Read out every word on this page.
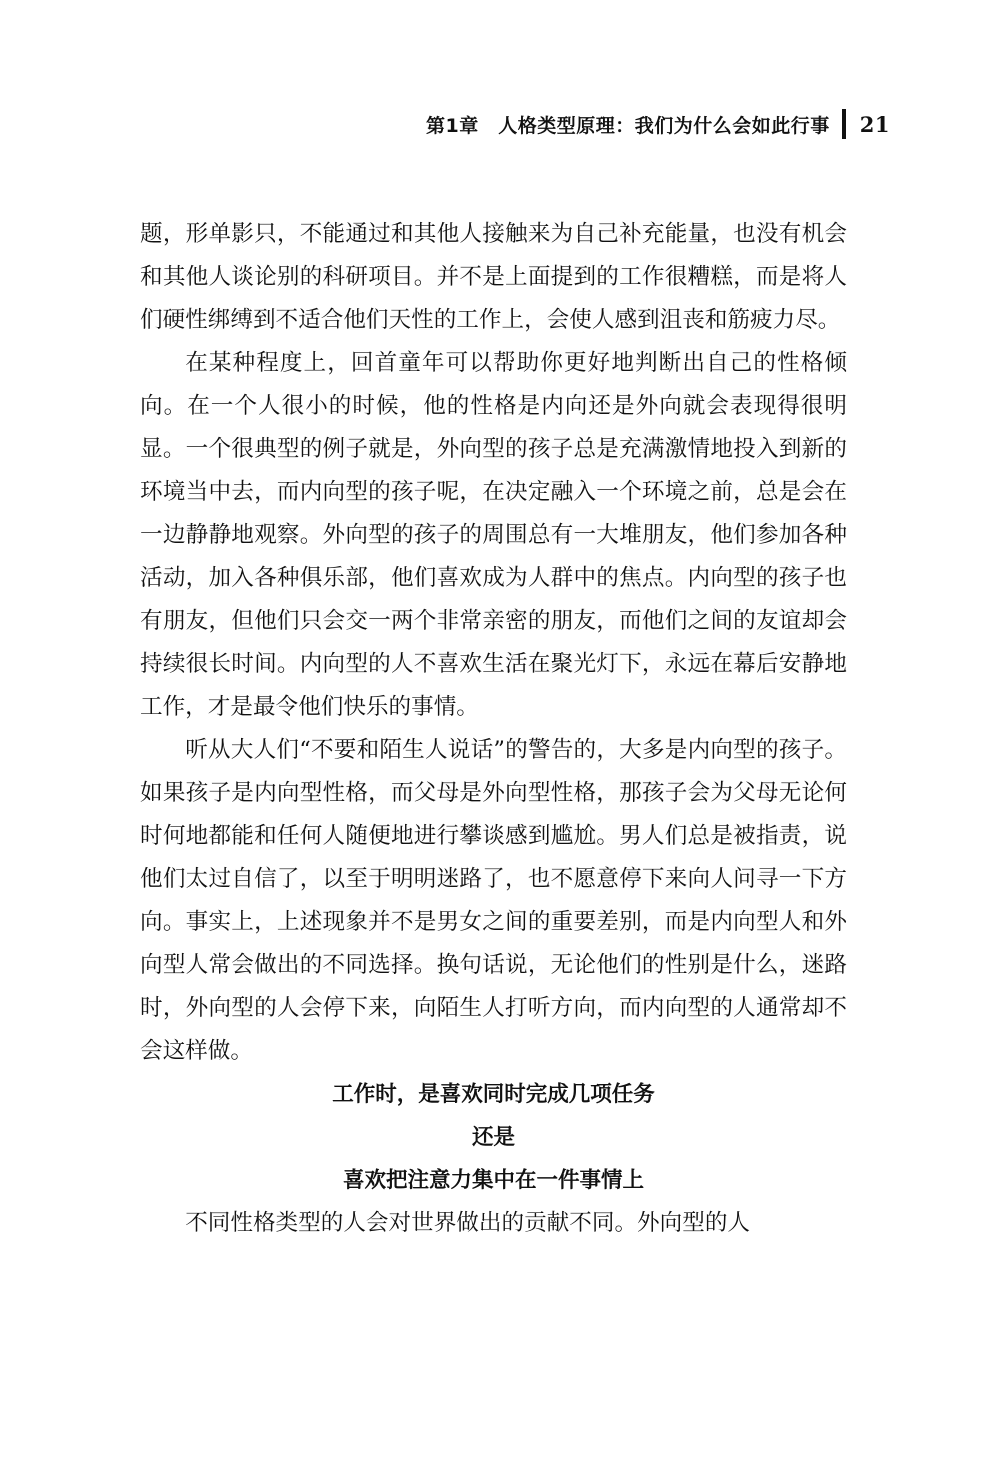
第1章　人格类型原理：我们为什么会如此行事 21

题，形单影只，不能通过和其他人接触来为自己补充能量，也没有机会和其他人谈论别的科研项目。并不是上面提到的工作很糟糕，而是将人们硬性绑缚到不适合他们天性的工作上，会使人感到沮丧和筋疲力尽。

在某种程度上，回首童年可以帮助你更好地判断出自己的性格倾向。在一个人很小的时候，他的性格是内向还是外向就会表现得很明显。一个很典型的例子就是，外向型的孩子总是充满激情地投入到新的环境当中去，而内向型的孩子呢，在决定融入一个环境之前，总是会在一边静静地观察。外向型的孩子的周围总有一大堆朋友，他们参加各种活动，加入各种俱乐部，他们喜欢成为人群中的焦点。内向型的孩子也有朋友，但他们只会交一两个非常亲密的朋友，而他们之间的友谊却会持续很长时间。内向型的人不喜欢生活在聚光灯下，永远在幕后安静地工作，才是最令他们快乐的事情。

听从大人们“不要和陌生人说话”的警告的，大多是内向型的孩子。如果孩子是内向型性格，而父母是外向型性格，那孩子会为父母无论何时何地都能和任何人随便地进行攀谈感到尴尬。男人们总是被指责，说他们太过自信了，以至于明明迷路了，也不愿意停下来向人问寻一下方向。事实上，上述现象并不是男女之间的重要差别，而是内向型人和外向型人常会做出的不同选择。换句话说，无论他们的性别是什么，迷路时，外向型的人会停下来，向陌生人打听方向，而内向型的人通常却不会这样做。

工作时，是喜欢同时完成几项任务
还是
喜欢把注意力集中在一件事情上

不同性格类型的人会对世界做出的贡献不同。外向型的人
